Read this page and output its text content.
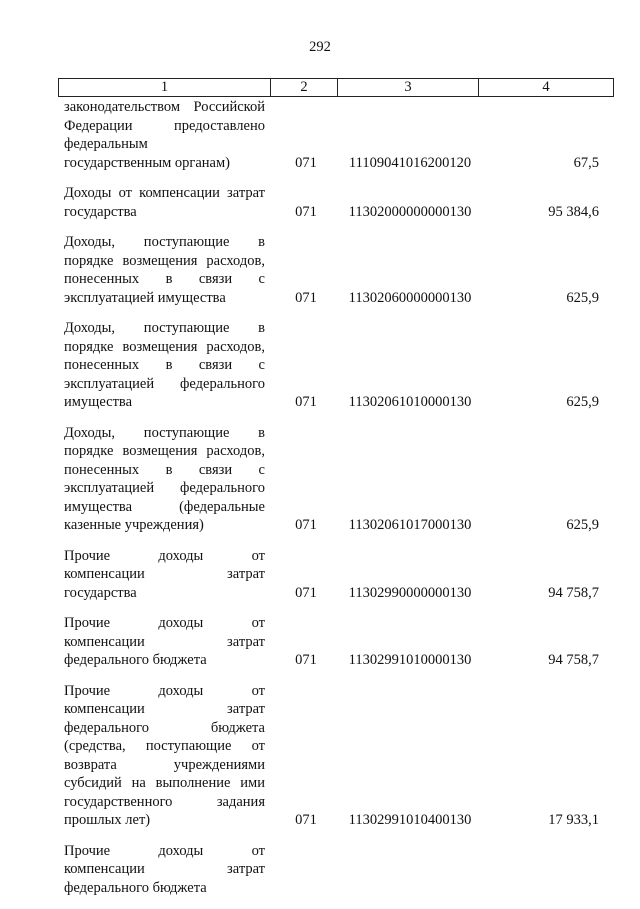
292
1	2	3	4
законодательством Российской
Федерации предоставлено
федеральным
государственным органам)	071	11109041016200120	67,5
Доходы от компенсации затрат
государства	071	11302000000000130	95 384,6
Доходы, поступающие в
порядке возмещения расходов,
понесенных в связи с
эксплуатацией имущества	071	11302060000000130	625,9
Доходы, поступающие в
порядке возмещения расходов,
понесенных в связи с
эксплуатацией федерального
имущества	071	11302061010000130	625,9
Доходы, поступающие в
порядке возмещения расходов,
понесенных в связи с
эксплуатацией федерального
имущества (федеральные
казенные учреждения)	071	11302061017000130	625,9
Прочие доходы от
компенсации затрат
государства	071	11302990000000130	94 758,7
Прочие доходы от
компенсации затрат
федерального бюджета	071	11302991010000130	94 758,7
Прочие доходы от
компенсации затрат
федерального бюджета
(средства, поступающие от
возврата учреждениями
субсидий на выполнение ими
государственного задания
прошлых лет)	071	11302991010400130	17 933,1
Прочие доходы от
компенсации затрат
федерального бюджета
